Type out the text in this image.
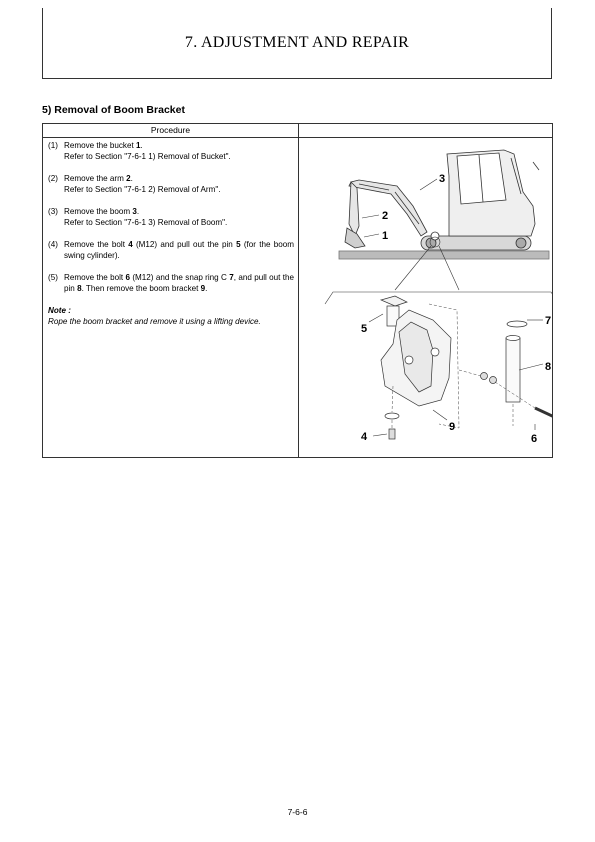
7. ADJUSTMENT AND REPAIR
5) Removal of Boom Bracket
Procedure
(1) Remove the bucket 1.
Refer to Section "7-6-1 1) Removal of Bucket".
(2) Remove the arm 2.
Refer to Section "7-6-1 2) Removal of Arm".
(3) Remove the boom 3.
Refer to Section "7-6-1 3) Removal of Boom".
(4) Remove the bolt 4 (M12) and pull out the pin 5 (for the boom swing cylinder).
(5) Remove the bolt 6 (M12) and the snap ring C 7, and pull out the pin 8. Then remove the boom bracket 9.
Note :
Rope the boom bracket and remove it using a lifting device.
1
2
3
5
7
8
9
4	6
7-6-6
